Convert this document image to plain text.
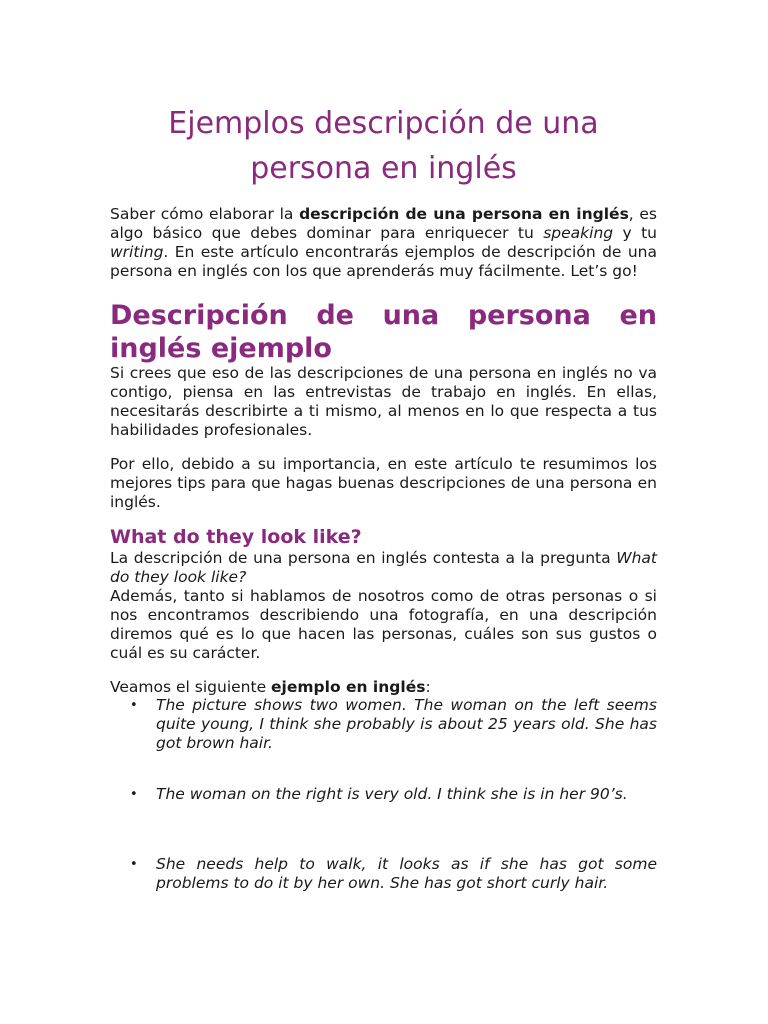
Ejemplos descripción de una persona en inglés

Saber cómo elaborar la descripción de una persona en inglés, es algo básico que debes dominar para enriquecer tu speaking y tu writing. En este artículo encontrarás ejemplos de descripción de una persona en inglés con los que aprenderás muy fácilmente. Let’s go!

Descripción de una persona en inglés ejemplo

Si crees que eso de las descripciones de una persona en inglés no va contigo, piensa en las entrevistas de trabajo en inglés. En ellas, necesitarás describirte a ti mismo, al menos en lo que respecta a tus habilidades profesionales.

Por ello, debido a su importancia, en este artículo te resumimos los mejores tips para que hagas buenas descripciones de una persona en inglés.

What do they look like?

La descripción de una persona en inglés contesta a la pregunta What do they look like?

Además, tanto si hablamos de nosotros como de otras personas o si nos encontramos describiendo una fotografía, en una descripción diremos qué es lo que hacen las personas, cuáles son sus gustos o cuál es su carácter.

Veamos el siguiente ejemplo en inglés:

• The picture shows two women. The woman on the left seems quite young, I think she probably is about 25 years old. She has got brown hair.
• The woman on the right is very old. I think she is in her 90’s.
• She needs help to walk, it looks as if she has got some problems to do it by her own. She has got short curly hair.
